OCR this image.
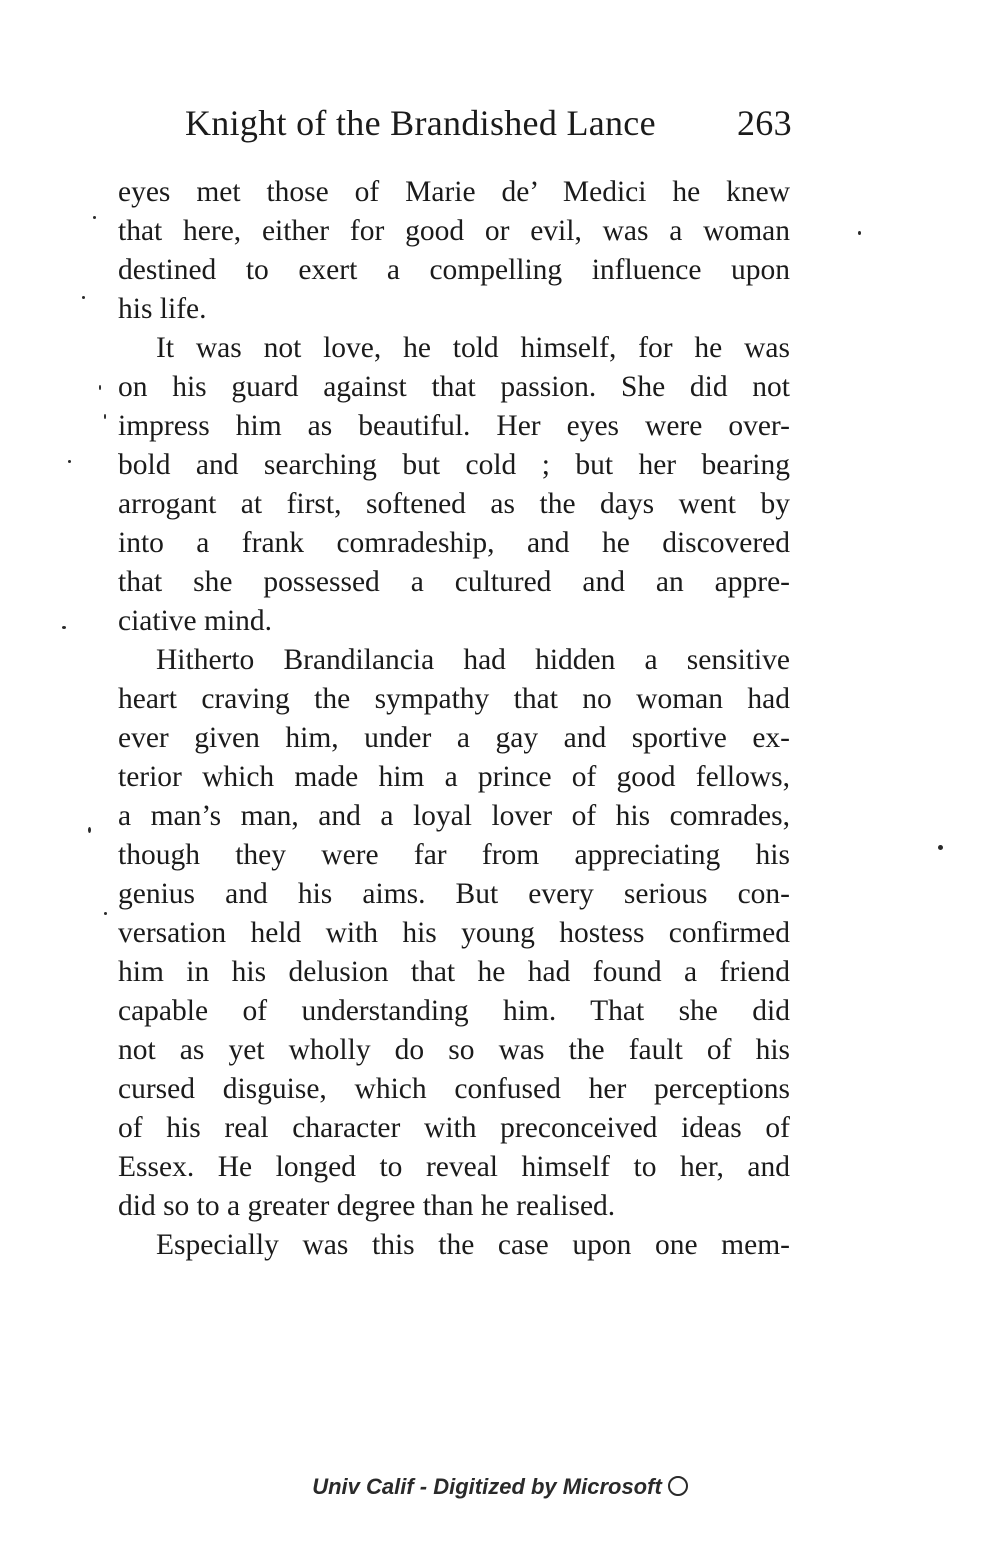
Knight of the Brandished Lance 263
eyes met those of Marie de’ Medici he knew
that here, either for good or evil, was a woman
destined to exert a compelling influence upon
his life.
It was not love, he told himself, for he was
on his guard against that passion. She did not
impress him as beautiful. Her eyes were over-
bold and searching but cold ; but her bearing
arrogant at first, softened as the days went by
into a frank comradeship, and he discovered
that she possessed a cultured and an appre-
ciative mind.
Hitherto Brandilancia had hidden a sensitive
heart craving the sympathy that no woman had
ever given him, under a gay and sportive ex-
terior which made him a prince of good fellows,
a man’s man, and a loyal lover of his comrades,
though they were far from appreciating his
genius and his aims. But every serious con-
versation held with his young hostess confirmed
him in his delusion that he had found a friend
capable of understanding him. That she did
not as yet wholly do so was the fault of his
cursed disguise, which confused her perceptions
of his real character with preconceived ideas of
Essex. He longed to reveal himself to her, and
did so to a greater degree than he realised.
Especially was this the case upon one mem-
Univ Calif - Digitized by Microsoft
